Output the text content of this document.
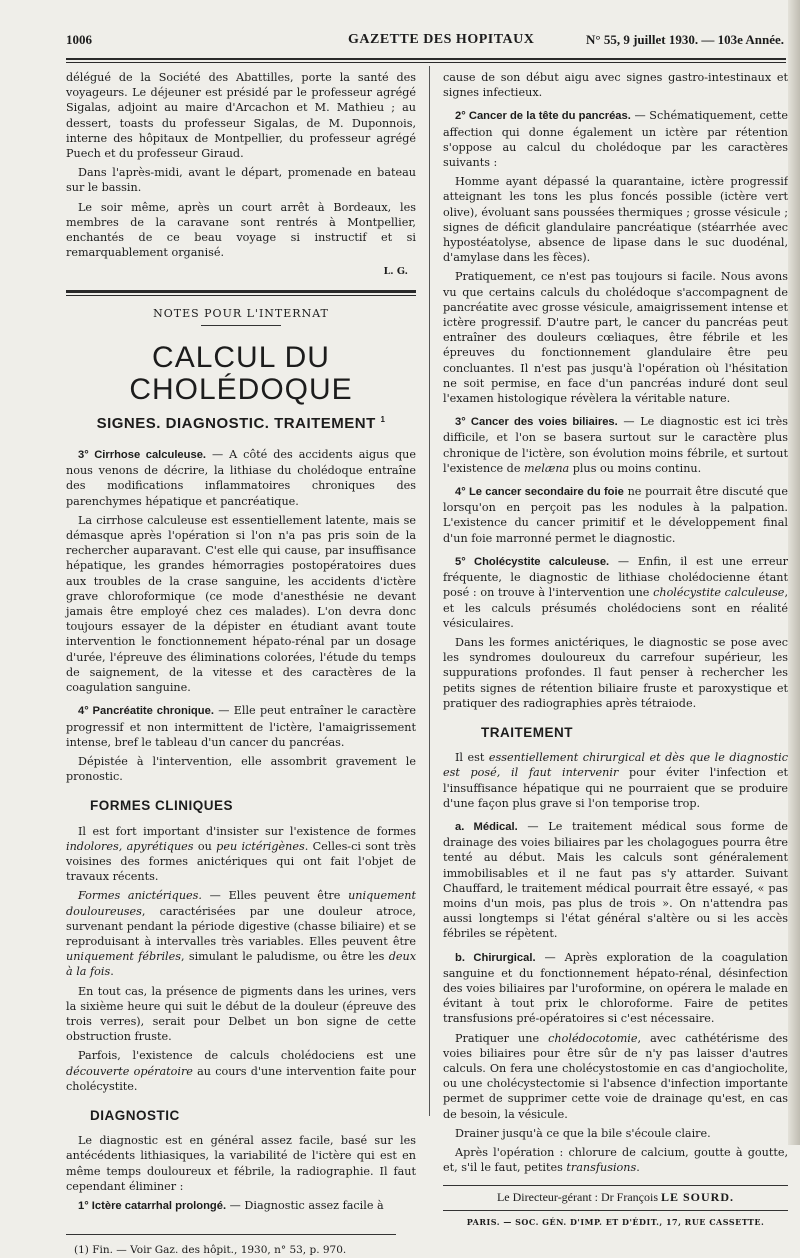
1006	GAZETTE DES HOPITAUX	N° 55, 9 juillet 1930. — 103e Année.

délégué de la Société des Abattilles, porte la santé des voyageurs. Le déjeuner est présidé par le professeur agrégé Sigalas, adjoint au maire d'Arcachon et M. Mathieu ; au dessert, toasts du professeur Sigalas, de M. Duponnois, interne des hôpitaux de Montpellier, du professeur agrégé Puech et du professeur Giraud.

Dans l'après-midi, avant le départ, promenade en bateau sur le bassin.

Le soir même, après un court arrêt à Bordeaux, les membres de la caravane sont rentrés à Montpellier, enchantés de ce beau voyage si instructif et si remarquablement organisé.

L. G.

NOTES POUR L'INTERNAT
CALCUL DU CHOLÉDOQUE
SIGNES. DIAGNOSTIC. TRAITEMENT $^1$

3° Cirrhose calculeuse. — A côté des accidents aigus que nous venons de décrire, la lithiase du cholédoque entraîne des modifications inflammatoires chroniques des parenchymes hépatique et pancréatique.

La cirrhose calculeuse est essentiellement latente, mais se démasque après l'opération si l'on n'a pas pris soin de la rechercher auparavant. C'est elle qui cause, par insuffisance hépatique, les grandes hémorragies postopératoires dues aux troubles de la crase sanguine, les accidents d'ictère grave chloroformique (ce mode d'anesthésie ne devant jamais être employé chez ces malades). L'on devra donc toujours essayer de la dépister en étudiant avant toute intervention le fonctionnement hépato-rénal par un dosage d'urée, l'épreuve des éliminations colorées, l'étude du temps de saignement, de la vitesse et des caractères de la coagulation sanguine.

4° Pancréatite chronique. — Elle peut entraîner le caractère progressif et non intermittent de l'ictère, l'amaigrissement intense, bref le tableau d'un cancer du pancréas.

Dépistée à l'intervention, elle assombrit gravement le pronostic.

FORMES CLINIQUES

Il est fort important d'insister sur l'existence de formes indolores, apyrétiques ou peu ictérigènes. Celles-ci sont très voisines des formes anictériques qui ont fait l'objet de travaux récents.

Formes anictériques. — Elles peuvent être uniquement douloureuses, caractérisées par une douleur atroce, survenant pendant la période digestive (chasse biliaire) et se reproduisant à intervalles très variables. Elles peuvent être uniquement fébriles, simulant le paludisme, ou être les deux à la fois.

En tout cas, la présence de pigments dans les urines, vers la sixième heure qui suit le début de la douleur (épreuve des trois verres), serait pour Delbet un bon signe de cette obstruction fruste.

Parfois, l'existence de calculs cholédociens est une découverte opératoire au cours d'une intervention faite pour cholécystite.

DIAGNOSTIC

Le diagnostic est en général assez facile, basé sur les antécédents lithiasiques, la variabilité de l'ictère qui est en même temps douloureux et fébrile, la radiographie. Il faut cependant éliminer :

1° Ictère catarrhal prolongé. — Diagnostic assez facile à

(1) Fin. — Voir Gaz. des hôpit., 1930, n° 53, p. 970.

cause de son début aigu avec signes gastro-intestinaux et signes infectieux.

2° Cancer de la tête du pancréas. — Schématiquement, cette affection qui donne également un ictère par rétention s'oppose au calcul du cholédoque par les caractères suivants :

Homme ayant dépassé la quarantaine, ictère progressif atteignant les tons les plus foncés possible (ictère vert olive), évoluant sans poussées thermiques ; grosse vésicule ; signes de déficit glandulaire pancréatique (stéarrhée avec hypostéatolyse, absence de lipase dans le suc duodénal, d'amylase dans les fèces).

Pratiquement, ce n'est pas toujours si facile. Nous avons vu que certains calculs du cholédoque s'accompagnent de pancréatite avec grosse vésicule, amaigrissement intense et ictère progressif. D'autre part, le cancer du pancréas peut entraîner des douleurs cœliaques, être fébrile et les épreuves du fonctionnement glandulaire être peu concluantes. Il n'est pas jusqu'à l'opération où l'hésitation ne soit permise, en face d'un pancréas induré dont seul l'examen histologique révèlera la véritable nature.

3° Cancer des voies biliaires. — Le diagnostic est ici très difficile, et l'on se basera surtout sur le caractère plus chronique de l'ictère, son évolution moins fébrile, et surtout l'existence de melæna plus ou moins continu.

4° Le cancer secondaire du foie ne pourrait être discuté que lorsqu'on en perçoit pas les nodules à la palpation. L'existence du cancer primitif et le développement final d'un foie marronné permet le diagnostic.

5° Cholécystite calculeuse. — Enfin, il est une erreur fréquente, le diagnostic de lithiase cholédocienne étant posé : on trouve à l'intervention une cholécystite calculeuse, et les calculs présumés cholédociens sont en réalité vésiculaires.

Dans les formes anictériques, le diagnostic se pose avec les syndromes douloureux du carrefour supérieur, les suppurations profondes. Il faut penser à rechercher les petits signes de rétention biliaire fruste et paroxystique et pratiquer des radiographies après tétraiode.

TRAITEMENT

Il est essentiellement chirurgical et dès que le diagnostic est posé, il faut intervenir pour éviter l'infection et l'insuffisance hépatique qui ne pourraient que se produire d'une façon plus grave si l'on temporise trop.

a. Médical. — Le traitement médical sous forme de drainage des voies biliaires par les cholagogues pourra être tenté au début. Mais les calculs sont généralement immobilisables et il ne faut pas s'y attarder. Suivant Chauffard, le traitement médical pourrait être essayé, « pas moins d'un mois, pas plus de trois ». On n'attendra pas aussi longtemps si l'état général s'altère ou si les accès fébriles se répètent.

b. Chirurgical. — Après exploration de la coagulation sanguine et du fonctionnement hépato-rénal, désinfection des voies biliaires par l'uroformine, on opérera le malade en évitant à tout prix le chloroforme. Faire de petites transfusions pré-opératoires si c'est nécessaire.

Pratiquer une cholédocotomie, avec cathétérisme des voies biliaires pour être sûr de n'y pas laisser d'autres calculs. On fera une cholécystostomie en cas d'angiocholite, ou une cholécystectomie si l'absence d'infection importante permet de supprimer cette voie de drainage qu'est, en cas de besoin, la vésicule.

Drainer jusqu'à ce que la bile s'écoule claire.

Après l'opération : chlorure de calcium, goutte à goutte, et, s'il le faut, petites transfusions.

Le Directeur-gérant : Dr François LE SOURD.
PARIS. — SOC. GÉN. D'IMP. ET D'ÉDIT., 17, RUE CASSETTE.
